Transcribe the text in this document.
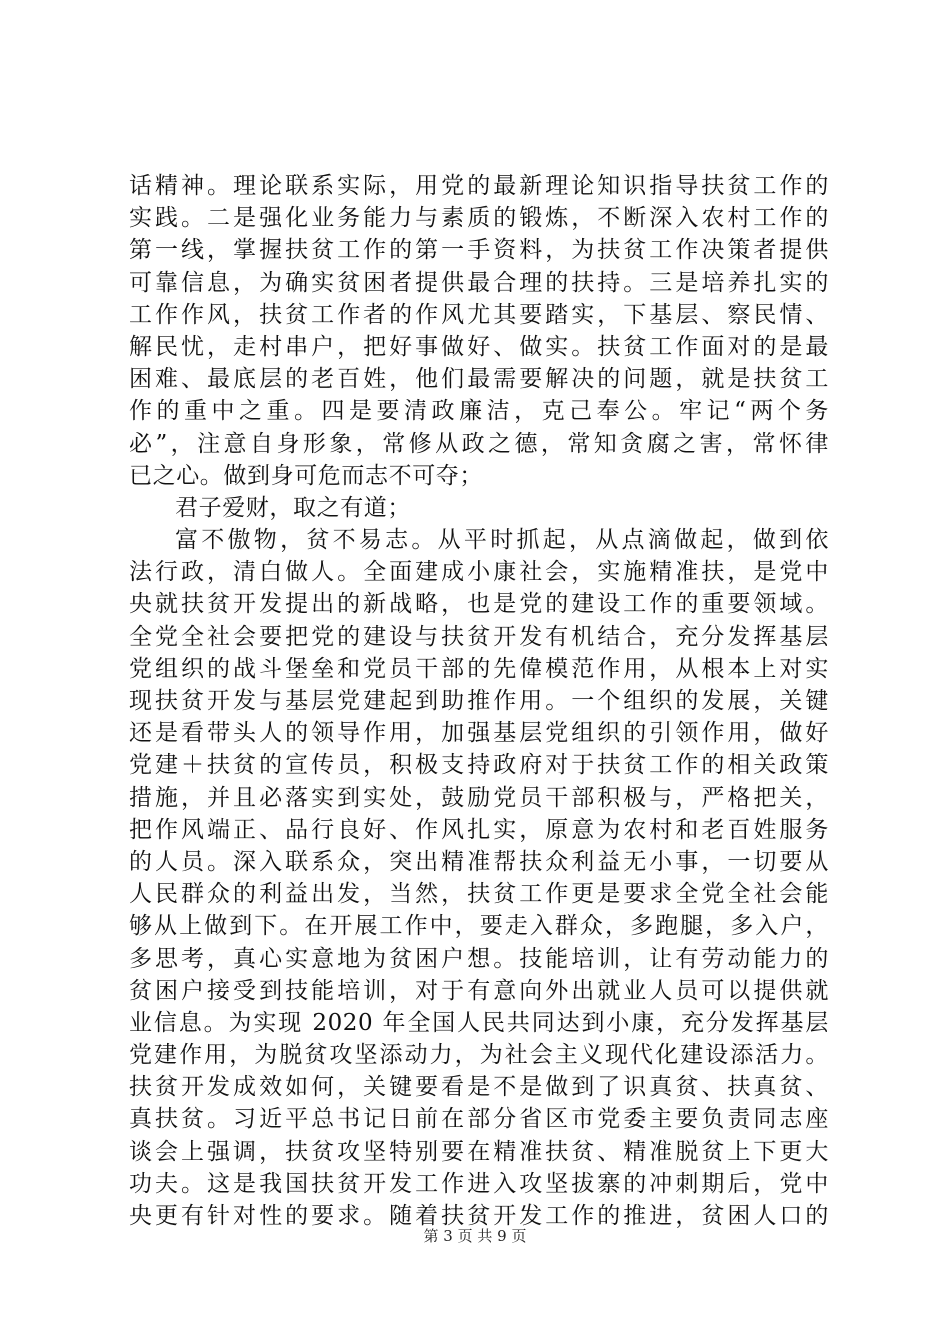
话精神。理论联系实际，用党的最新理论知识指导扶贫工作的
实践。二是强化业务能力与素质的锻炼，不断深入农村工作的
第一线，掌握扶贫工作的第一手资料，为扶贫工作决策者提供
可靠信息，为确实贫困者提供最合理的扶持。三是培养扎实的
工作作风，扶贫工作者的作风尤其要踏实，下基层、察民情、
解民忧，走村串户，把好事做好、做实。扶贫工作面对的是最
困难、最底层的老百姓，他们最需要解决的问题，就是扶贫工
作的重中之重。四是要清政廉洁，克己奉公。牢记“两个务
必”，注意自身形象，常修从政之德，常知贪腐之害，常怀律
已之心。做到身可危而志不可夺；
君子爱财，取之有道；
富不傲物，贫不易志。从平时抓起，从点滴做起，做到依
法行政，清白做人。全面建成小康社会，实施精准扶，是党中
央就扶贫开发提出的新战略，也是党的建设工作的重要领域。
全党全社会要把党的建设与扶贫开发有机结合，充分发挥基层
党组织的战斗堡垒和党员干部的先偉模范作用，从根本上对实
现扶贫开发与基层党建起到助推作用。一个组织的发展，关键
还是看带头人的领导作用，加强基层党组织的引领作用，做好
党建＋扶贫的宣传员，积极支持政府对于扶贫工作的相关政策
措施，并且必落实到实处，鼓励党员干部积极与，严格把关，
把作风端正、品行良好、作风扎实，原意为农村和老百姓服务
的人员。深入联系众，突出精准帮扶众利益无小事，一切要从
人民群众的利益出发，当然，扶贫工作更是要求全党全社会能
够从上做到下。在开展工作中，要走入群众，多跑腿，多入户，
多思考，真心实意地为贫困户想。技能培训，让有劳动能力的
贫困户接受到技能培训，对于有意向外出就业人员可以提供就
业信息。为实现 2020 年全国人民共同达到小康，充分发挥基层
党建作用，为脱贫攻坚添动力，为社会主义现代化建设添活力。
扶贫开发成效如何，关键要看是不是做到了识真贫、扶真贫、
真扶贫。习近平总书记日前在部分省区市党委主要负责同志座
谈会上强调，扶贫攻坚特别要在精准扶贫、精准脱贫上下更大
功夫。这是我国扶贫开发工作进入攻坚拔寨的冲刺期后，党中
央更有针对性的要求。随着扶贫开发工作的推进，贫困人口的
第 3 页 共 9 页
